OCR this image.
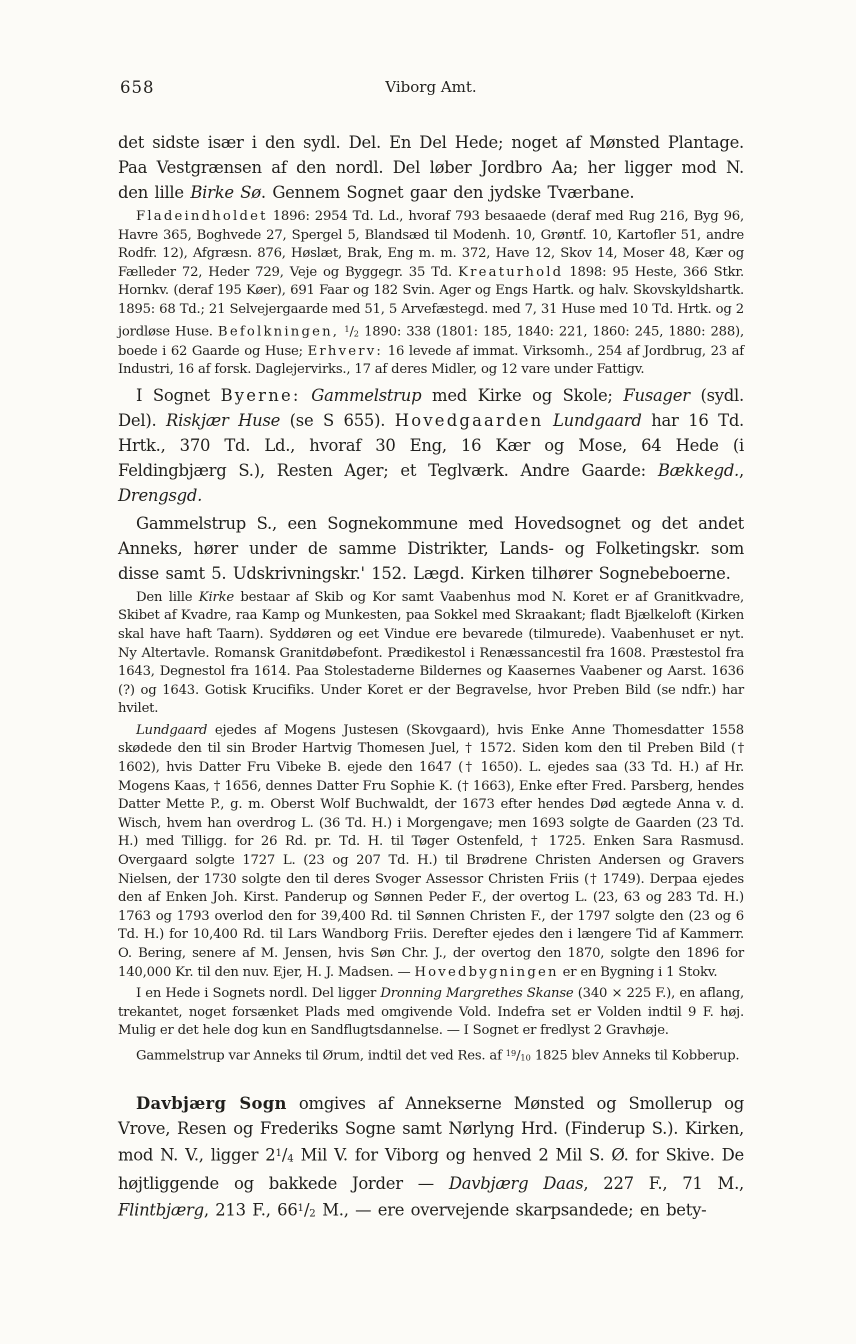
658	Viborg Amt.

det sidste især i den sydl. Del. En Del Hede; noget af Mønsted Plantage. Paa Vestgrænsen af den nordl. Del løber Jordbro Aa; her ligger mod N. den lille Birke Sø. Gennem Sognet gaar den jydske Tværbane.

Fladeindholdet 1896: 2954 Td. Ld., hvoraf 793 besaaede (deraf med Rug 216, Byg 96, Havre 365, Boghvede 27, Spergel 5, Blandsæd til Modenh. 10, Grøntf. 10, Kartofler 51, andre Rodfr. 12), Afgræsn. 876, Høslæt, Brak, Eng m. m. 372, Have 12, Skov 14, Moser 48, Kær og Fælleder 72, Heder 729, Veje og Byggegr. 35 Td. Kreaturhold 1898: 95 Heste, 366 Stkr. Hornkv. (deraf 195 Køer), 691 Faar og 182 Svin. Ager og Engs Hartk. og halv. Skovskyldshartk. 1895: 68 Td.; 21 Selvejergaarde med 51, 5 Arvefæstegd. med 7, 31 Huse med 10 Td. Hrtk. og 2 jordløse Huse. Befolkningen, $^1$/2 1890: 338 (1801: 185, 1840: 221, 1860: 245, 1880: 288), boede i 62 Gaarde og Huse; Erhverv: 16 levede af immat. Virksomh., 254 af Jordbrug, 23 af Industri, 16 af forsk. Daglejervirks., 17 af deres Midler, og 12 vare under Fattigv.

I Sognet Byerne: Gammelstrup med Kirke og Skole; Fusager (sydl. Del). Riskjær Huse (se S 655). Hovedgaarden Lundgaard har 16 Td. Hrtk., 370 Td. Ld., hvoraf 30 Eng, 16 Kær og Mose, 64 Hede (i Feldingbjærg S.), Resten Ager; et Teglværk. Andre Gaarde: Bækkegd., Drengsgd.

Gammelstrup S., een Sognekommune med Hovedsognet og det andet Anneks, hører under de samme Distrikter, Lands- og Folketingskr. som disse samt 5. Udskrivningskr.' 152. Lægd. Kirken tilhører Sognebeboerne.

Den lille Kirke bestaar af Skib og Kor samt Vaabenhus mod N. Koret er af Granitkvadre, Skibet af Kvadre, raa Kamp og Munkesten, paa Sokkel med Skraakant; fladt Bjælkeloft (Kirken skal have haft Taarn). Syddøren og eet Vindue ere bevarede (tilmurede). Vaabenhuset er nyt. Ny Altertavle. Romansk Granitdøbefont. Prædikestol i Renæssancestil fra 1608. Præstestol fra 1643, Degnestol fra 1614. Paa Stolestaderne Bildernes og Kaasernes Vaabener og Aarst. 1636 (?) og 1643. Gotisk Krucifiks. Under Koret er der Begravelse, hvor Preben Bild (se ndfr.) har hvilet.

Lundgaard ejedes af Mogens Justesen (Skovgaard), hvis Enke Anne Thomesdatter 1558 skødede den til sin Broder Hartvig Thomesen Juel, † 1572. Siden kom den til Preben Bild († 1602), hvis Datter Fru Vibeke B. ejede den 1647 († 1650). L. ejedes saa (33 Td. H.) af Hr. Mogens Kaas, † 1656, dennes Datter Fru Sophie K. († 1663), Enke efter Fred. Parsberg, hendes Datter Mette P., g. m. Oberst Wolf Buchwaldt, der 1673 efter hendes Død ægtede Anna v. d. Wisch, hvem han overdrog L. (36 Td. H.) i Morgengave; men 1693 solgte de Gaarden (23 Td. H.) med Tilligg. for 26 Rd. pr. Td. H. til Tøger Ostenfeld, † 1725. Enken Sara Rasmusd. Overgaard solgte 1727 L. (23 og 207 Td. H.) til Brødrene Christen Andersen og Gravers Nielsen, der 1730 solgte den til deres Svoger Assessor Christen Friis († 1749). Derpaa ejedes den af Enken Joh. Kirst. Panderup og Sønnen Peder F., der overtog L. (23, 63 og 283 Td. H.) 1763 og 1793 overlod den for 39,400 Rd. til Sønnen Christen F., der 1797 solgte den (23 og 6 Td. H.) for 10,400 Rd. til Lars Wandborg Friis. Derefter ejedes den i længere Tid af Kammerr. O. Bering, senere af M. Jensen, hvis Søn Chr. J., der overtog den 1870, solgte den 1896 for 140,000 Kr. til den nuv. Ejer, H. J. Madsen. — Hovedbygningen er en Bygning i 1 Stokv.

I en Hede i Sognets nordl. Del ligger Dronning Margrethes Skanse (340 × 225 F.), en aflang, trekantet, noget forsænket Plads med omgivende Vold. Indefra set er Volden indtil 9 F. høj. Mulig er det hele dog kun en Sandflugtsdannelse. — I Sognet er fredlyst 2 Gravhøje.

Gammelstrup var Anneks til Ørum, indtil det ved Res. af $^{19}$/10 1825 blev Anneks til Kobberup.

Davbjærg Sogn omgives af Annekserne Mønsted og Smollerup og Vrove, Resen og Frederiks Sogne samt Nørlyng Hrd. (Finderup S.). Kirken, mod N. V., ligger $2^1/4$ Mil V. for Viborg og henved 2 Mil S. Ø. for Skive. De højtliggende og bakkede Jorder — Davbjærg Daas, 227 F., 71 M., Flintbjærg, 213 F., $66^1/2$ M., — ere overvejende skarpsandede; en bety-
